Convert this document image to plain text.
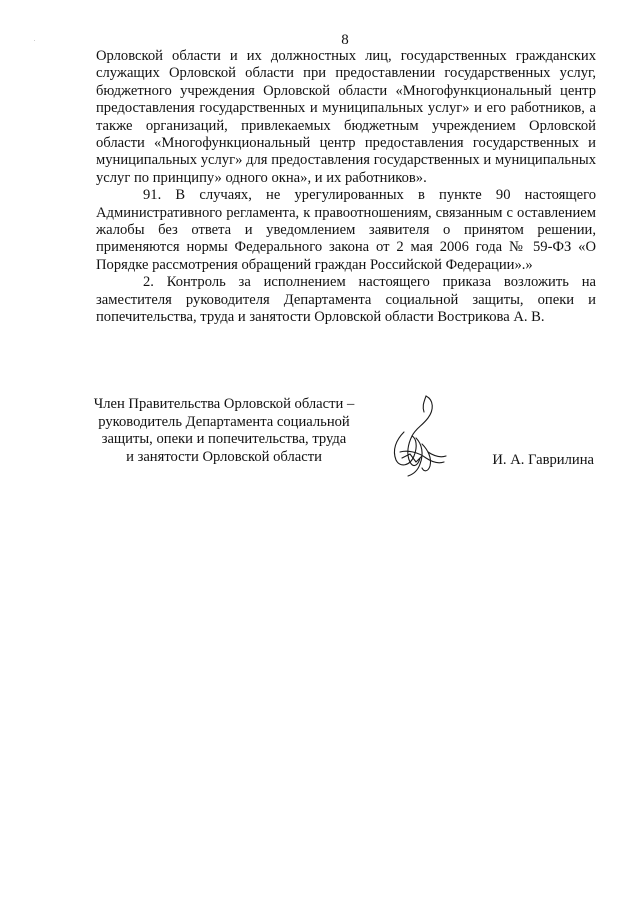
8

Орловской области и их должностных лиц, государственных гражданских служащих Орловской области при предоставлении государственных услуг, бюджетного учреждения Орловской области «Многофункциональный центр предоставления государственных и муниципальных услуг» и его работников, а также организаций, привлекаемых бюджетным учреждением Орловской области «Многофункциональный центр предоставления государственных и муниципальных услуг» для предоставления государственных и муниципальных услуг по принципу» одного окна», и их работников».

91. В случаях, не урегулированных в пункте 90 настоящего Административного регламента, к правоотношениям, связанным с оставлением жалобы без ответа и уведомлением заявителя о принятом решении, применяются нормы Федерального закона от 2 мая 2006 года № 59-ФЗ «О Порядке рассмотрения обращений граждан Российской Федерации».»

2. Контроль за исполнением настоящего приказа возложить на заместителя руководителя Департамента социальной защиты, опеки и попечительства, труда и занятости Орловской области Вострикова А. В.

Член Правительства Орловской области –
руководитель Департамента социальной
защиты, опеки и попечительства, труда
и занятости Орловской области	И. А. Гаврилина
